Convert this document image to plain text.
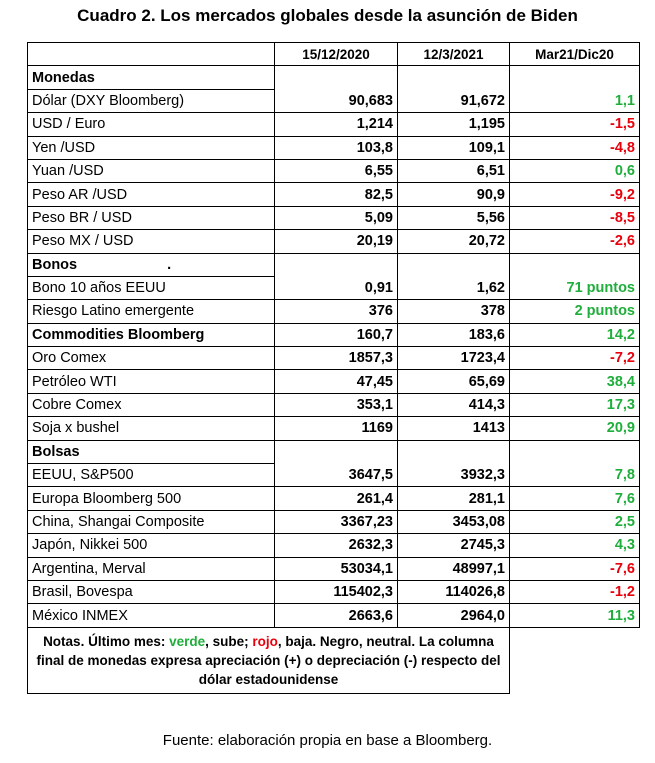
Cuadro 2. Los mercados globales desde la asunción de Biden
	15/12/2020	12/3/2021	Mar21/Dic20
Monedas			
Dólar (DXY Bloomberg)	90,683	91,672	1,1
USD / Euro	1,214	1,195	-1,5
Yen /USD	103,8	109,1	-4,8
Yuan /USD	6,55	6,51	0,6
Peso AR /USD	82,5	90,9	-9,2
Peso BR / USD	5,09	5,56	-8,5
Peso MX / USD	20,19	20,72	-2,6
Bonos .			
Bono 10 años EEUU	0,91	1,62	71 puntos
Riesgo Latino emergente	376	378	2 puntos
Commodities Bloomberg	160,7	183,6	14,2
Oro Comex	1857,3	1723,4	-7,2
Petróleo WTI	47,45	65,69	38,4
Cobre Comex	353,1	414,3	17,3
Soja x bushel	1169	1413	20,9
Bolsas			
EEUU, S&P500	3647,5	3932,3	7,8
Europa Bloomberg 500	261,4	281,1	7,6
China, Shangai Composite	3367,23	3453,08	2,5
Japón, Nikkei 500	2632,3	2745,3	4,3
Argentina, Merval	53034,1	48997,1	-7,6
Brasil, Bovespa	115402,3	114026,8	-1,2
México INMEX	2663,6	2964,0	11,3

Notas. Último mes: verde, sube; rojo, baja. Negro, neutral. La columna final de monedas expresa apreciación (+) o depreciación (-) respecto del dólar estadounidense			

Fuente: elaboración propia en base a Bloomberg.
